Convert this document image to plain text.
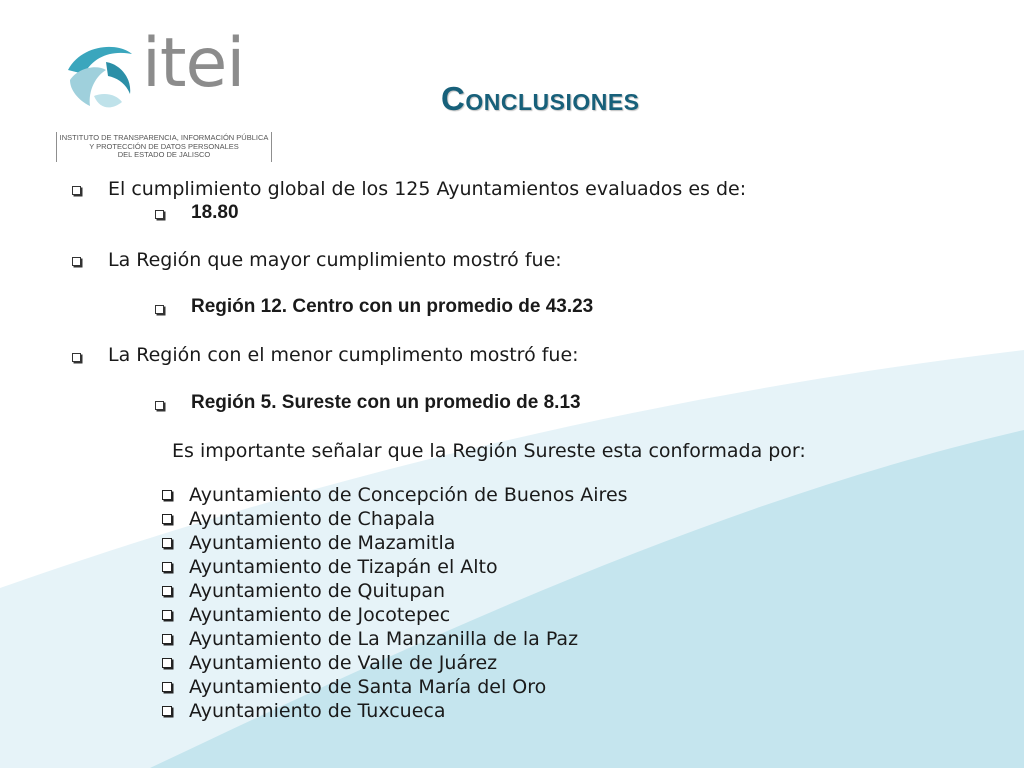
itei
INSTITUTO DE TRANSPARENCIA, INFORMACIÓN PÚBLICA
Y PROTECCIÓN DE DATOS PERSONALES
DEL ESTADO DE JALISCO
Conclusiones
El cumplimiento global de los 125 Ayuntamientos evaluados es de:
18.80
La Región que mayor cumplimiento mostró fue:
Región 12. Centro con un promedio de 43.23
La Región con el menor cumplimento mostró fue:
Región 5. Sureste con un promedio de 8.13
Es importante señalar que la Región Sureste esta conformada por:
Ayuntamiento de Concepción de Buenos Aires
Ayuntamiento de Chapala
Ayuntamiento de Mazamitla
Ayuntamiento de Tizapán el Alto
Ayuntamiento de Quitupan
Ayuntamiento de Jocotepec
Ayuntamiento de La Manzanilla de la Paz
Ayuntamiento de Valle de Juárez
Ayuntamiento de Santa María del Oro
Ayuntamiento de Tuxcueca
